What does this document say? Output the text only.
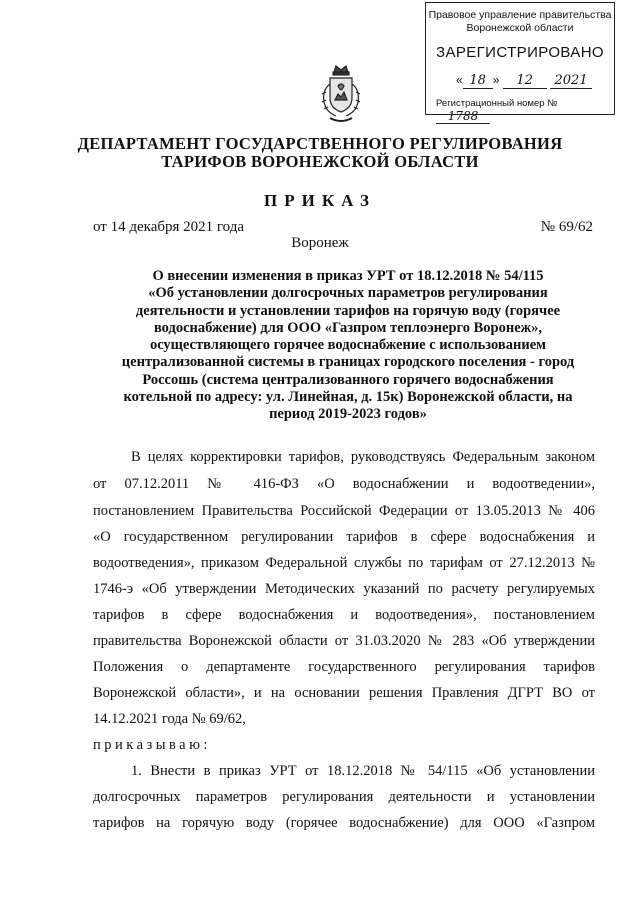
Правовое управление правительства
Воронежской области
ЗАРЕГИСТРИРОВАНО
« 18 » 12 2021
Регистрационный номер № 1788
ДЕПАРТАМЕНТ ГОСУДАРСТВЕННОГО РЕГУЛИРОВАНИЯ
ТАРИФОВ ВОРОНЕЖСКОЙ ОБЛАСТИ
ПРИКАЗ
от 14 декабря 2021 года	№ 69/62
Воронеж
О внесении изменения в приказ УРТ от 18.12.2018 № 54/115
«Об установлении долгосрочных параметров регулирования
деятельности и установлении тарифов на горячую воду (горячее
водоснабжение) для ООО «Газпром теплоэнерго Воронеж»,
осуществляющего горячее водоснабжение с использованием
централизованной системы в границах городского поселения - город
Россошь (система централизованного горячего водоснабжения
котельной по адресу: ул. Линейная, д. 15к) Воронежской области, на
период 2019-2023 годов»
В целях корректировки тарифов, руководствуясь Федеральным законом
от 07.12.2011 № 416-ФЗ «О водоснабжении и водоотведении»,
постановлением Правительства Российской Федерации от 13.05.2013 № 406
«О государственном регулировании тарифов в сфере водоснабжения и
водоотведения», приказом Федеральной службы по тарифам от 27.12.2013 №
1746-э «Об утверждении Методических указаний по расчету регулируемых
тарифов в сфере водоснабжения и водоотведения», постановлением
правительства Воронежской области от 31.03.2020 № 283 «Об утверждении
Положения о департаменте государственного регулирования тарифов
Воронежской области», и на основании решения Правления ДГРТ ВО от
14.12.2021 года № 69/62,
приказываю:
1. Внести в приказ УРТ от 18.12.2018 № 54/115 «Об установлении
долгосрочных параметров регулирования деятельности и установлении
тарифов на горячую воду (горячее водоснабжение) для ООО «Газпром
